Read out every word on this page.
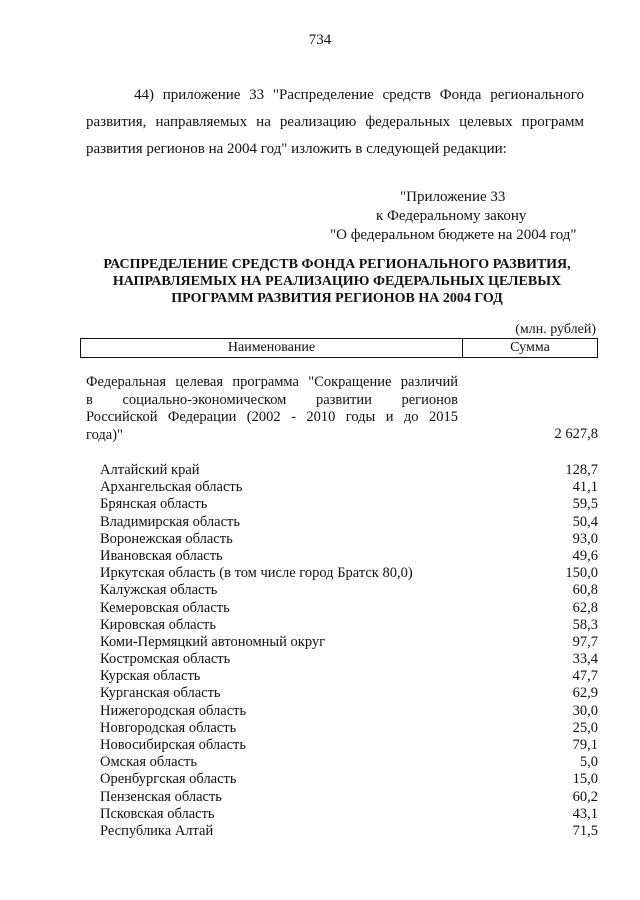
734
44) приложение 33 "Распределение средств Фонда регионального
развития, направляемых на реализацию федеральных целевых программ
развития регионов на 2004 год" изложить в следующей редакции:
"Приложение 33
к Федеральному закону
"О федеральном бюджете на 2004 год"
РАСПРЕДЕЛЕНИЕ СРЕДСТВ ФОНДА РЕГИОНАЛЬНОГО РАЗВИТИЯ,
НАПРАВЛЯЕМЫХ НА РЕАЛИЗАЦИЮ ФЕДЕРАЛЬНЫХ ЦЕЛЕВЫХ
ПРОГРАММ РАЗВИТИЯ РЕГИОНОВ НА 2004 ГОД
(млн. рублей)
Наименование	Сумма
Федеральная целевая программа "Сокращение различий
в социально-экономическом развитии регионов
Российской Федерации (2002 - 2010 годы и до 2015
года)"	2 627,8
Алтайский край	128,7
Архангельская область	41,1
Брянская область	59,5
Владимирская область	50,4
Воронежская область	93,0
Ивановская область	49,6
Иркутская область (в том числе город Братск 80,0)	150,0
Калужская область	60,8
Кемеровская область	62,8
Кировская область	58,3
Коми-Пермяцкий автономный округ	97,7
Костромская область	33,4
Курская область	47,7
Курганская область	62,9
Нижегородская область	30,0
Новгородская область	25,0
Новосибирская область	79,1
Омская область	5,0
Оренбургская область	15,0
Пензенская область	60,2
Псковская область	43,1
Республика Алтай	71,5
